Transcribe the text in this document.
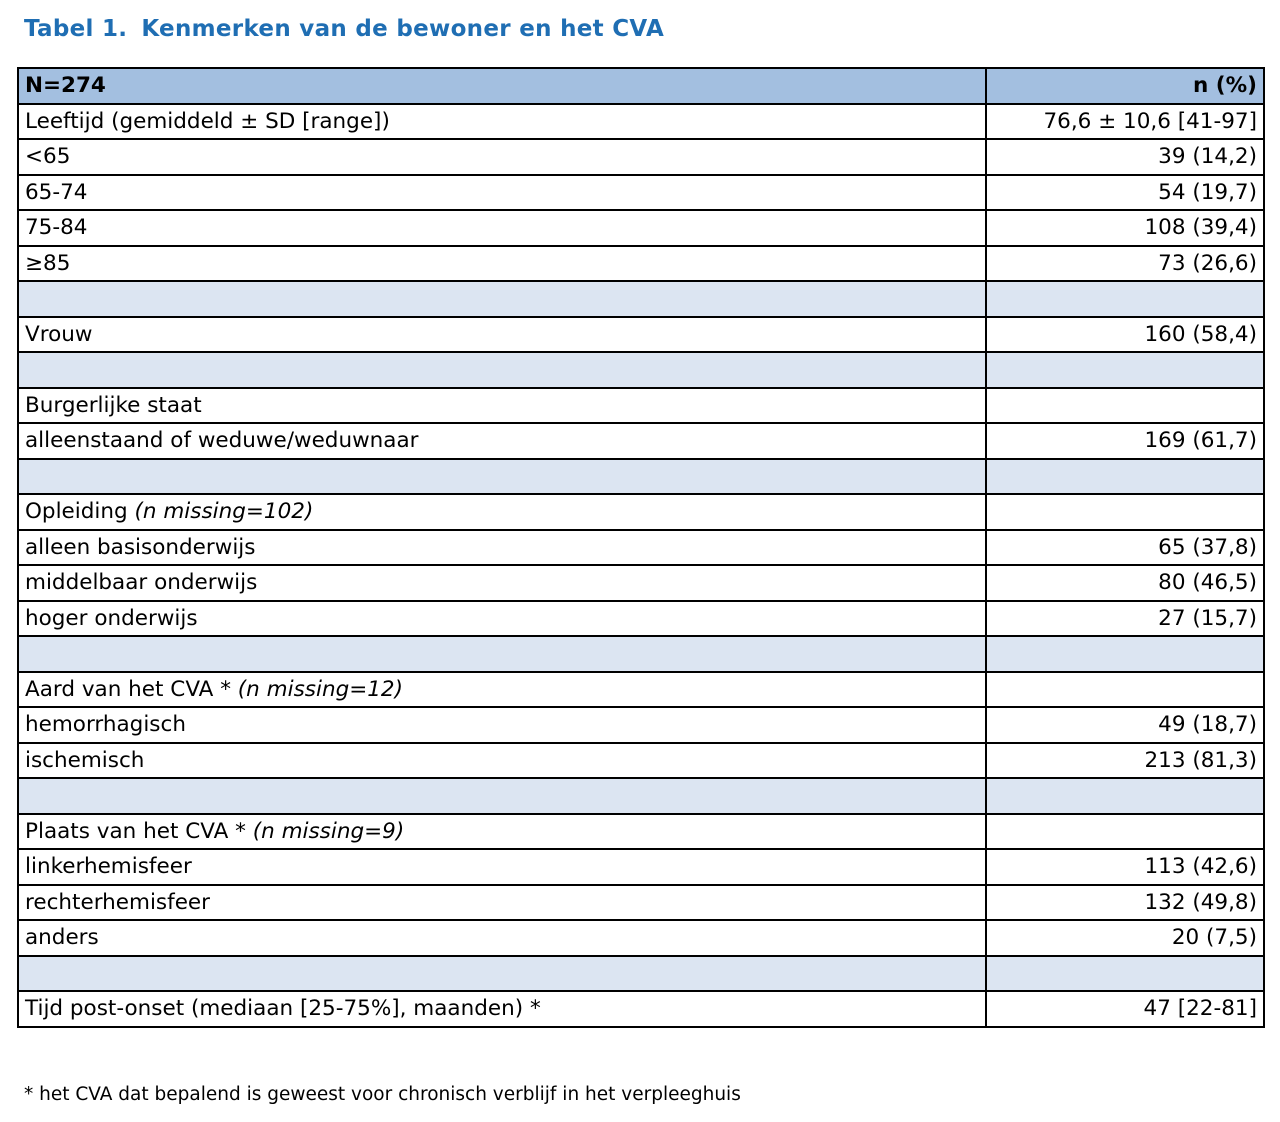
Tabel 1. Kenmerken van de bewoner en het CVA
N=274	n (%)
Leeftijd (gemiddeld ± SD [range])	76,6 ± 10,6 [41-97]
<65	39 (14,2)
65-74	54 (19,7)
75-84	108 (39,4)
≥85	73 (26,6)

Vrouw	160 (58,4)

Burgerlijke staat	
alleenstaand of weduwe/weduwnaar	169 (61,7)

Opleiding (n missing=102)	
alleen basisonderwijs	65 (37,8)
middelbaar onderwijs	80 (46,5)
hoger onderwijs	27 (15,7)

Aard van het CVA * (n missing=12)	
hemorrhagisch	49 (18,7)
ischemisch	213 (81,3)

Plaats van het CVA * (n missing=9)	
linkerhemisfeer	113 (42,6)
rechterhemisfeer	132 (49,8)
anders	20 (7,5)

Tijd post-onset (mediaan [25-75%], maanden) *	47 [22-81]

* het CVA dat bepalend is geweest voor chronisch verblijf in het verpleeghuis
